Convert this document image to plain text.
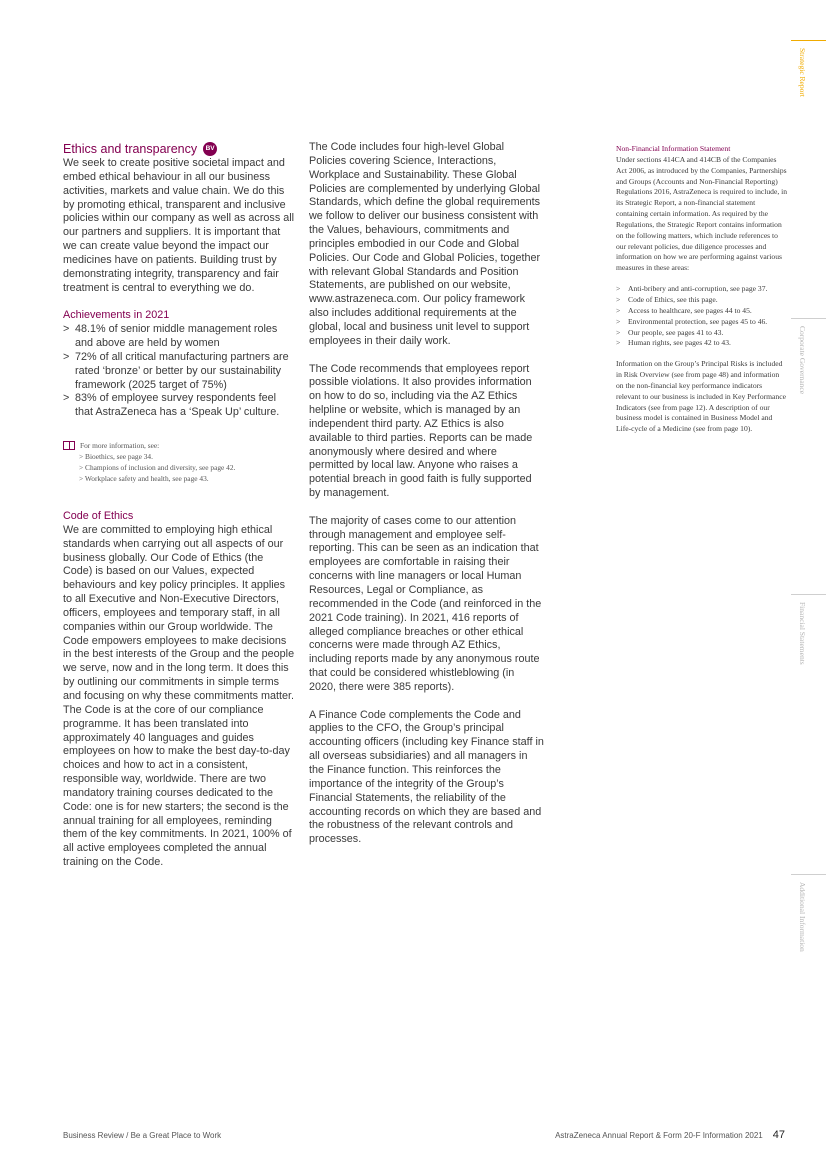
Ethics and transparency	BV

We seek to create positive societal impact and embed ethical behaviour in all our business activities, markets and value chain. We do this by promoting ethical, transparent and inclusive policies within our company as well as across all our partners and suppliers. It is important that we can create value beyond the impact our medicines have on patients. Building trust by demonstrating integrity, transparency and fair treatment is central to everything we do.

Achievements in 2021
> 48.1% of senior middle management roles and above are held by women
> 72% of all critical manufacturing partners are rated ‘bronze’ or better by our sustainability framework (2025 target of 75%)
> 83% of employee survey respondents feel that AstraZeneca has a ‘Speak Up’ culture.
For more information, see:
> Bioethics, see page 34.
> Champions of inclusion and diversity, see page 42.
> Workplace safety and health, see page 43.
Code of Ethics

We are committed to employing high ethical standards when carrying out all aspects of our business globally. Our Code of Ethics (the Code) is based on our Values, expected behaviours and key policy principles. It applies to all Executive and Non-Executive Directors, officers, employees and temporary staff, in all companies within our Group worldwide. The Code empowers employees to make decisions in the best interests of the Group and the people we serve, now and in the long term. It does this by outlining our commitments in simple terms and focusing on why these commitments matter. The Code is at the core of our compliance programme. It has been translated into approximately 40 languages and guides employees on how to make the best day-to-day choices and how to act in a consistent, responsible way, worldwide. There are two mandatory training courses dedicated to the Code: one is for new starters; the second is the annual training for all employees, reminding them of the key commitments. In 2021, 100% of all active employees completed the annual training on the Code.

The Code includes four high-level Global Policies covering Science, Interactions, Workplace and Sustainability. These Global Policies are complemented by underlying Global Standards, which define the global requirements we follow to deliver our business consistent with the Values, behaviours, commitments and principles embodied in our Code and Global Policies. Our Code and Global Policies, together with relevant Global Standards and Position Statements, are published on our website, www.astrazeneca.com. Our policy framework also includes additional requirements at the global, local and business unit level to support employees in their daily work.

The Code recommends that employees report possible violations. It also provides information on how to do so, including via the AZ Ethics helpline or website, which is managed by an independent third party. AZ Ethics is also available to third parties. Reports can be made anonymously where desired and where permitted by local law. Anyone who raises a potential breach in good faith is fully supported by management.

The majority of cases come to our attention through management and employee self-reporting. This can be seen as an indication that employees are comfortable in raising their concerns with line managers or local Human Resources, Legal or Compliance, as recommended in the Code (and reinforced in the 2021 Code training). In 2021, 416 reports of alleged compliance breaches or other ethical concerns were made through AZ Ethics, including reports made by any anonymous route that could be considered whistleblowing (in 2020, there were 385 reports).

A Finance Code complements the Code and applies to the CFO, the Group’s principal accounting officers (including key Finance staff in all overseas subsidiaries) and all managers in the Finance function. This reinforces the importance of the integrity of the Group’s Financial Statements, the reliability of the accounting records on which they are based and the robustness of the relevant controls and processes.

Non-Financial Information Statement
Under sections 414CA and 414CB of the Companies Act 2006, as introduced by the Companies, Partnerships and Groups (Accounts and Non-Financial Reporting) Regulations 2016, AstraZeneca is required to include, in its Strategic Report, a non-financial statement containing certain information. As required by the Regulations, the Strategic Report contains information on the following matters, which include references to our relevant policies, due diligence processes and information on how we are performing against various measures in these areas:
> Anti-bribery and anti-corruption, see page 37.
> Code of Ethics, see this page.
> Access to healthcare, see pages 44 to 45.
> Environmental protection, see pages 45 to 46.
> Our people, see pages 41 to 43.
> Human rights, see pages 42 to 43.
Information on the Group’s Principal Risks is included in Risk Overview (see from page 48) and information on the non-financial key performance indicators relevant to our business is included in Key Performance Indicators (see from page 12). A description of our business model is contained in Business Model and Life-cycle of a Medicine (see from page 10).
Strategic Report
Corporate Governance
Financial Statements
Additional Information
Business Review / Be a Great Place to Work	AstraZeneca Annual Report & Form 20-F Information 2021 47
